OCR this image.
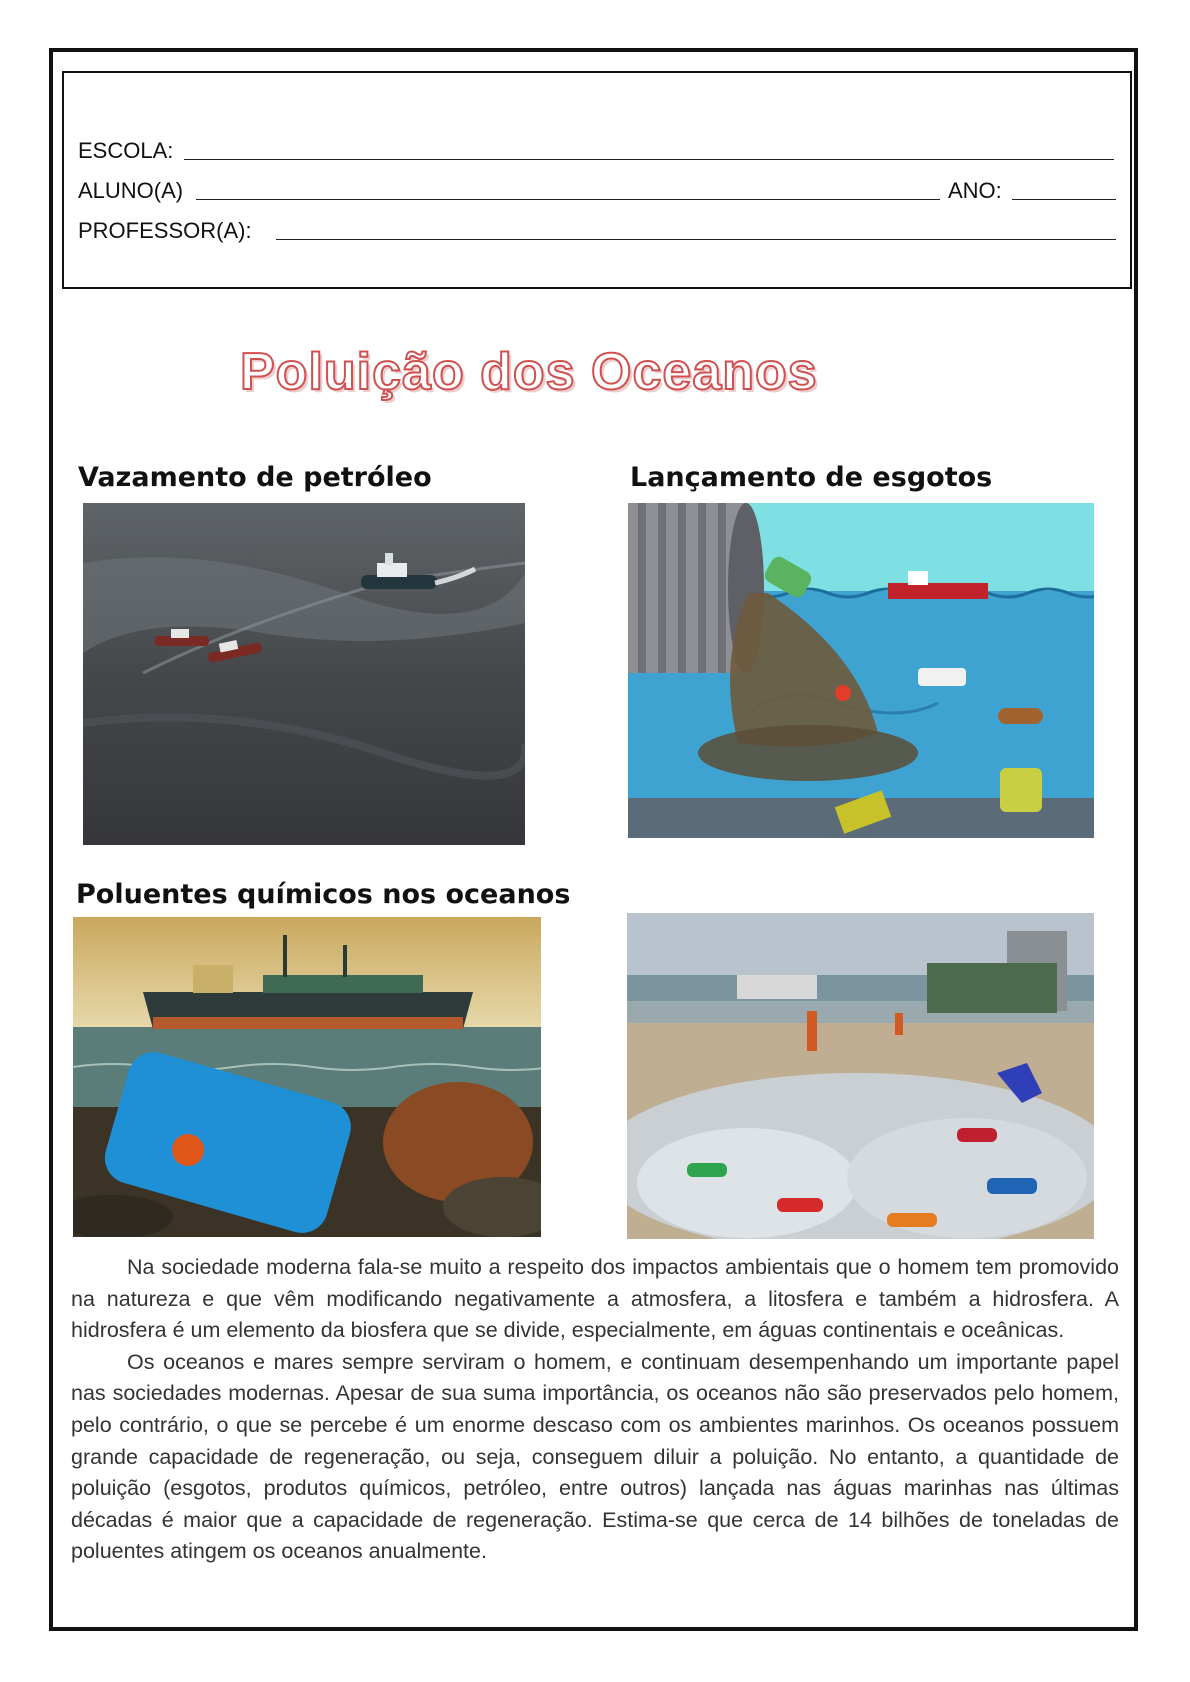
ESCOLA:
ALUNO(A)	ANO:
PROFESSOR(A):
Poluição dos Oceanos
Vazamento de petróleo	Lançamento de esgotos
Poluentes químicos nos oceanos

Na sociedade moderna fala-se muito a respeito dos impactos ambientais que o homem tem promovido na natureza e que vêm modificando negativamente a atmosfera, a litosfera e também a hidrosfera. A hidrosfera é um elemento da biosfera que se divide, especialmente, em águas continentais e oceânicas.

Os oceanos e mares sempre serviram o homem, e continuam desempenhando um importante papel nas sociedades modernas. Apesar de sua suma importância, os oceanos não são preservados pelo homem, pelo contrário, o que se percebe é um enorme descaso com os ambientes marinhos. Os oceanos possuem grande capacidade de regeneração, ou seja, conseguem diluir a poluição. No entanto, a quantidade de poluição (esgotos, produtos químicos, petróleo, entre outros) lançada nas águas marinhas nas últimas décadas é maior que a capacidade de regeneração. Estima-se que cerca de 14 bilhões de toneladas de poluentes atingem os oceanos anualmente.
